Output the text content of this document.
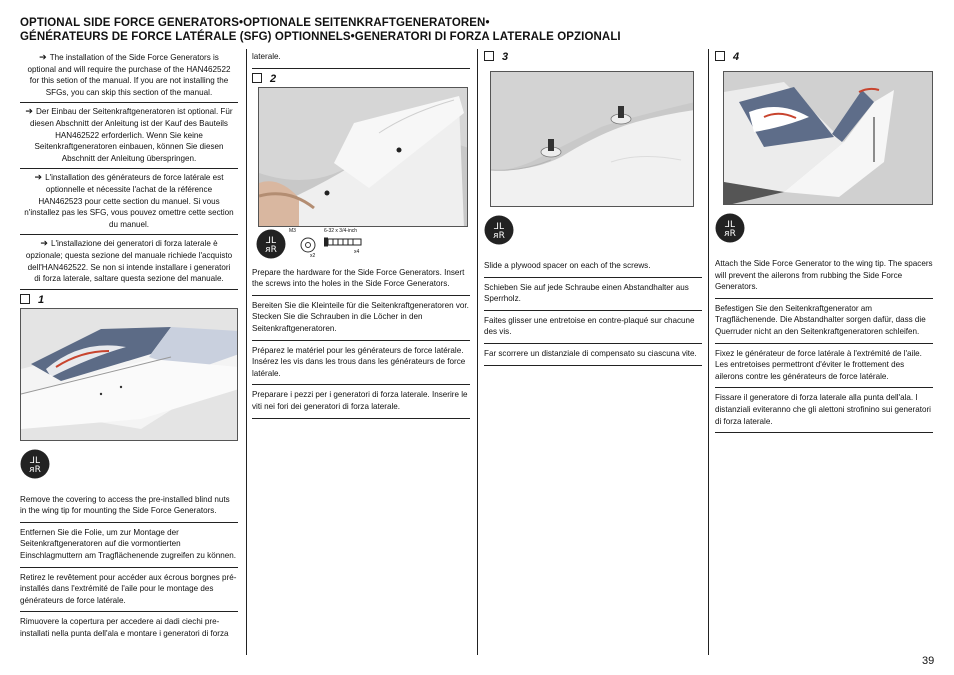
OPTIONAL SIDE FORCE GENERATORS•OPTIONALE SEITENKRAFTGENERATOREN•
GÉNÉRATEURS DE FORCE LATÉRALE (SFG) OPTIONNELS•GENERATORI DI FORZA LATERALE OPZIONALI
➔ The installation of the Side Force Generators is optional and will require the purchase of the HAN462522 for this setion of the manual. If you are not installing the SFGs, you can skip this section of the manual.
➔ Der Einbau der Seitenkraftgeneratoren ist optional. Für diesen Abschnitt der Anleitung ist der Kauf des Bauteils HAN462522 erforderlich. Wenn Sie keine Seitenkraftgeneratoren einbauen, können Sie diesen Abschnitt der Anleitung überspringen.
➔ L'installation des générateurs de force latérale est optionnelle et nécessite l'achat de la référence HAN462523 pour cette section du manuel. Si vous n'installez pas les SFG, vous pouvez omettre cette section du manuel.
➔ L'installazione dei generatori di forza laterale è opzionale; questa sezione del manuale richiede l'acquisto dell'HAN462522. Se non si intende installare i generatori di forza laterale, saltare questa sezione del manuale.
1
⅃L
ᴙR
Remove the covering to access the pre-installed blind nuts in the wing tip for mounting the Side Force Generators.
Entfernen Sie die Folie, um zur Montage der Seitenkraftgeneratoren auf die vormontierten Einschlagmuttern am Tragflächenende zugreifen zu können.
Retirez le revêtement pour accéder aux écrous borgnes pré-installés dans l'extrémité de l'aile pour le montage des générateurs de force latérale.
Rimuovere la copertura per accedere ai dadi ciechi pre-installati nella punta dell'ala e montare i generatori di forza
laterale.
2
⅃L
ᴙR
M3
x2
6-32 x 3/4-inch
x4
Prepare the hardware for the Side Force Generators. Insert the screws into the holes in the Side Force Generators.
Bereiten Sie die Kleinteile für die Seitenkraftgeneratoren vor. Stecken Sie die Schrauben in die Löcher in den Seitenkraftgeneratoren.
Préparez le matériel pour les générateurs de force latérale. Insérez les vis dans les trous dans les générateurs de force latérale.
Preparare i pezzi per i generatori di forza laterale. Inserire le viti nei fori dei generatori di forza laterale.
3
⅃L
ᴙR
Slide a plywood spacer on each of the screws.
Schieben Sie auf jede Schraube einen Abstandhalter aus Sperrholz.
Faites glisser une entretoise en contre-plaqué sur chacune des vis.
Far scorrere un distanziale di compensato su ciascuna vite.
4
⅃L
ᴙR
Attach the Side Force Generator to the wing tip. The spacers will prevent the ailerons from rubbing the Side Force Generators.
Befestigen Sie den Seitenkraftgenerator am Tragflächenende. Die Abstandhalter sorgen dafür, dass die Querruder nicht an den Seitenkraftgeneratoren schleifen.
Fixez le générateur de force latérale à l'extrémité de l'aile. Les entretoises permettront d'éviter le frottement des ailerons contre les générateurs de force latérale.
Fissare il generatore di forza laterale alla punta dell'ala. I distanziali eviteranno che gli alettoni strofinino sui generatori di forza laterale.
39
